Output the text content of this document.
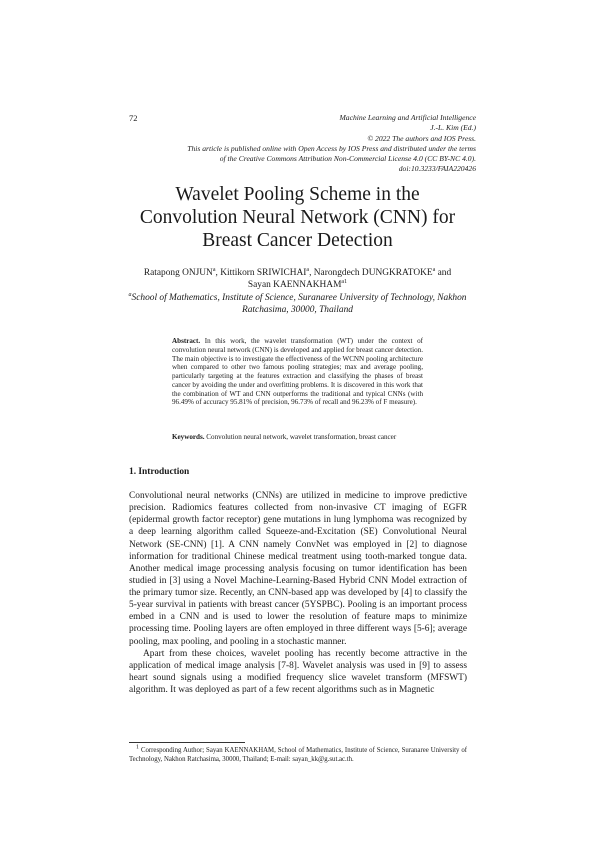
72	Machine Learning and Artificial Intelligence
J.-L. Kim (Ed.)
© 2022 The authors and IOS Press.
This article is published online with Open Access by IOS Press and distributed under the terms
of the Creative Commons Attribution Non-Commercial License 4.0 (CC BY-NC 4.0).
doi:10.3233/FAIA220426
Wavelet Pooling Scheme in the
Convolution Neural Network (CNN) for
Breast Cancer Detection
Ratapong ONJUN$^a$, Kittikorn SRIWICHAI$^a$, Narongdech DUNGKRATOKE$^a$ and
Sayan $KAENNAKHAM^{a1}$
$^a$School of Mathematics, Institute of Science, Suranaree University of Technology, Nakhon Ratchasima, 30000, Thailand
Abstract. In this work, the wavelet transformation (WT) under the context of convolution neural network (CNN) is developed and applied for breast cancer detection. The main objective is to investigate the effectiveness of the WCNN pooling architecture when compared to other two famous pooling strategies; max and average pooling, particularly targeting at the features extraction and classifying the phases of breast cancer by avoiding the under and overfitting problems. It is discovered in this work that the combination of WT and CNN outperforms the traditional and typical CNNs (with 96.49% of accuracy 95.81% of precision, 96.73% of recall and 96.23% of F measure).
Keywords. Convolution neural network, wavelet transformation, breast cancer
1. Introduction

Convolutional neural networks (CNNs) are utilized in medicine to improve predictive precision. Radiomics features collected from non-invasive CT imaging of EGFR (epidermal growth factor receptor) gene mutations in lung lymphoma was recognized by a deep learning algorithm called Squeeze-and-Excitation (SE) Convolutional Neural Network (SE-CNN) [1]. A CNN namely ConvNet was employed in [2] to diagnose information for traditional Chinese medical treatment using tooth-marked tongue data. Another medical image processing analysis focusing on tumor identification has been studied in [3] using a Novel Machine-Learning-Based Hybrid CNN Model extraction of the primary tumor size. Recently, an CNN-based app was developed by [4] to classify the 5-year survival in patients with breast cancer (5YSPBC). Pooling is an important process embed in a CNN and is used to lower the resolution of feature maps to minimize processing time. Pooling layers are often employed in three different ways [5-6]; average pooling, max pooling, and pooling in a stochastic manner.

Apart from these choices, wavelet pooling has recently become attractive in the application of medical image analysis [7-8]. Wavelet analysis was used in [9] to assess heart sound signals using a modified frequency slice wavelet transform (MFSWT) algorithm. It was deployed as part of a few recent algorithms such as in Magnetic

$^1$ Corresponding Author; Sayan KAENNAKHAM, School of Mathematics, Institute of Science, Suranaree University of Technology, Nakhon Ratchasima, 30000, Thailand; E-mail: sayan_kk@g.sut.ac.th.
